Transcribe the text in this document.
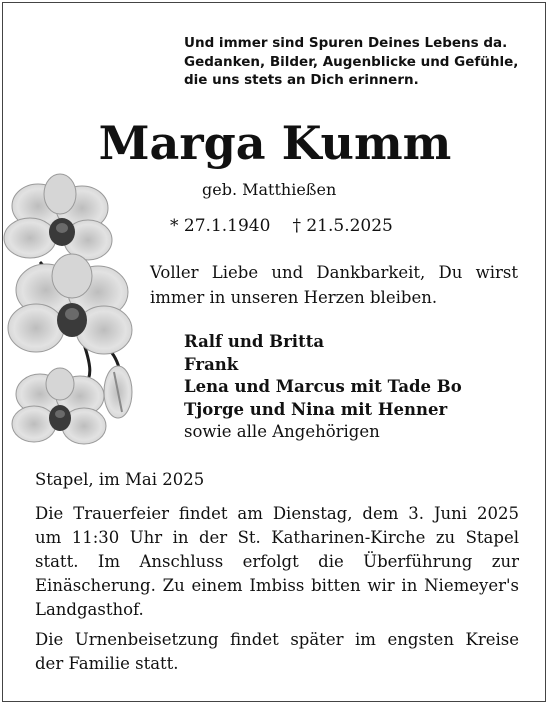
Und immer sind Spuren Deines Lebens da.
Gedanken, Bilder, Augenblicke und Gefühle,
die uns stets an Dich erinnern.
Marga Kumm
geb. Matthießen
* 27.1.1940 † 21.5.2025
Voller Liebe und Dankbarkeit, Du wirst
immer in unseren Herzen bleiben.
Ralf und Britta
Frank
Lena und Marcus mit Tade Bo
Tjorge und Nina mit Henner
sowie alle Angehörigen
Stapel, im Mai 2025
Die Trauerfeier findet am Dienstag, dem 3. Juni 2025
um 11:30 Uhr in der St. Katharinen-Kirche zu Stapel
statt. Im Anschluss erfolgt die Überführung zur
Einäscherung. Zu einem Imbiss bitten wir in Niemeyer's
Landgasthof.
Die Urnenbeisetzung findet später im engsten Kreise
der Familie statt.
